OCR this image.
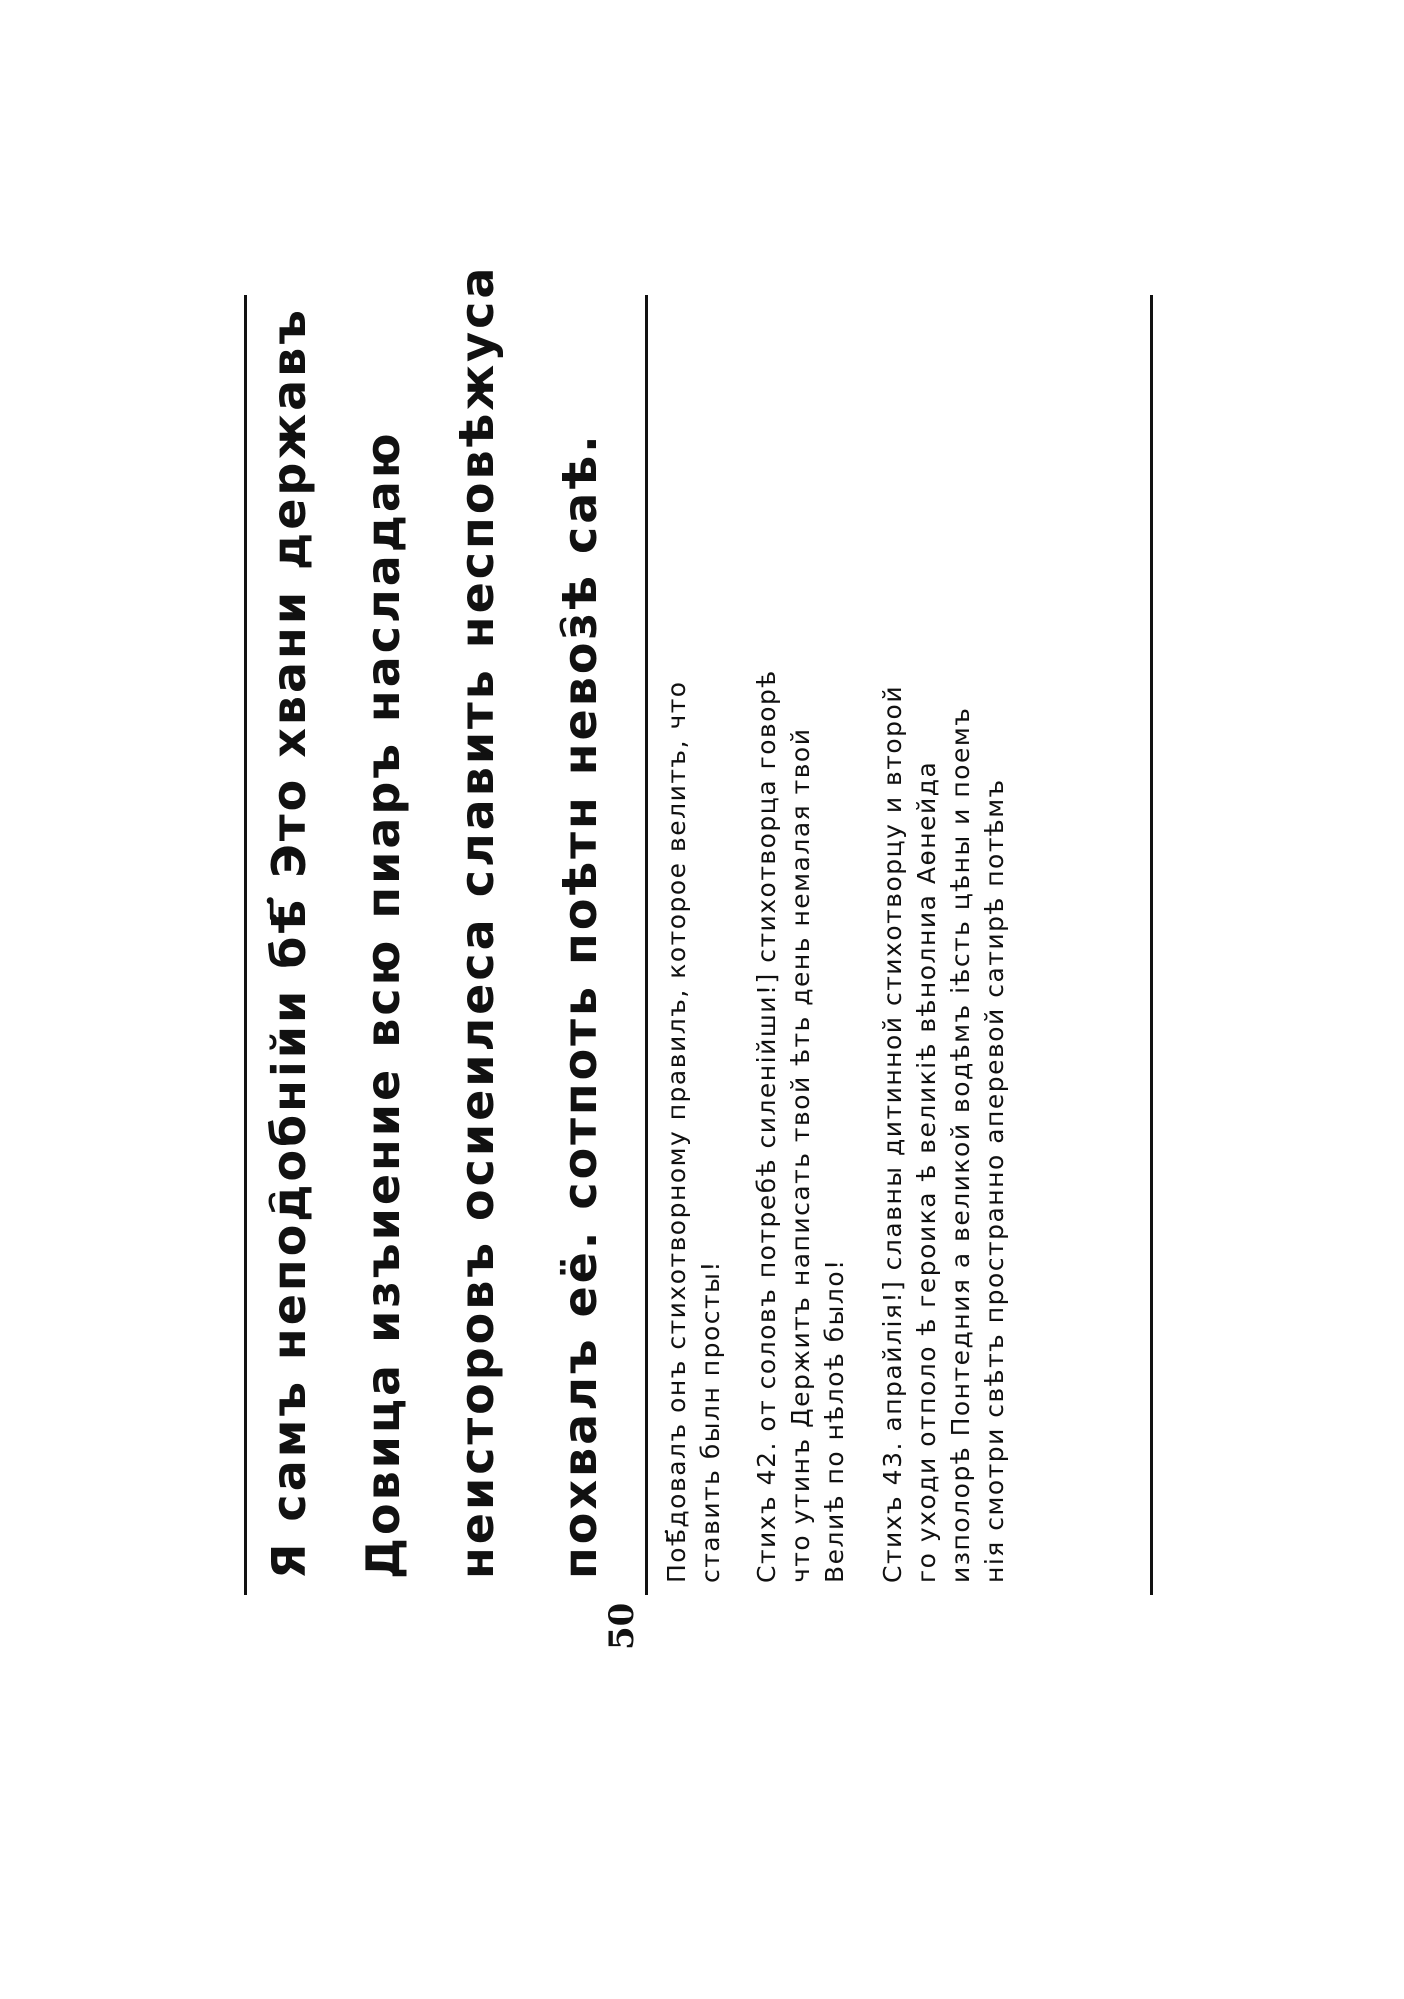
Я самъ непод҄обнійи бѣ҃ Это хвани державъ Довица изъиение всю пиаръ насладаю неисторовъ осиеилеса славить несповѣжуса похвалъ её. сотпоть поѣтн невоз҄ѣ саѣ. Поѣ҃довалъ онъ стихотворному правилъ, которое велитъ, что ставить былн просты! Стихъ 42. от соловъ потребѣ силенійши!] стихотворца говорѣ что утинъ Держитъ написать твой ѣть день немалая твой Велиѣ по нѣлоѣ было! Стихъ 43. апрайлія!] славны дитинной стихотворцу и второй го уходи отполо ѣ героика ѣ великіѣ вѣнолниа Аѳнейда изполорѣ Понтедния а великой водѣмъ іѣсть цѣны и поемъ нія смотри свѣтъ пространно аперевой сатирѣ потѣмъ
50
